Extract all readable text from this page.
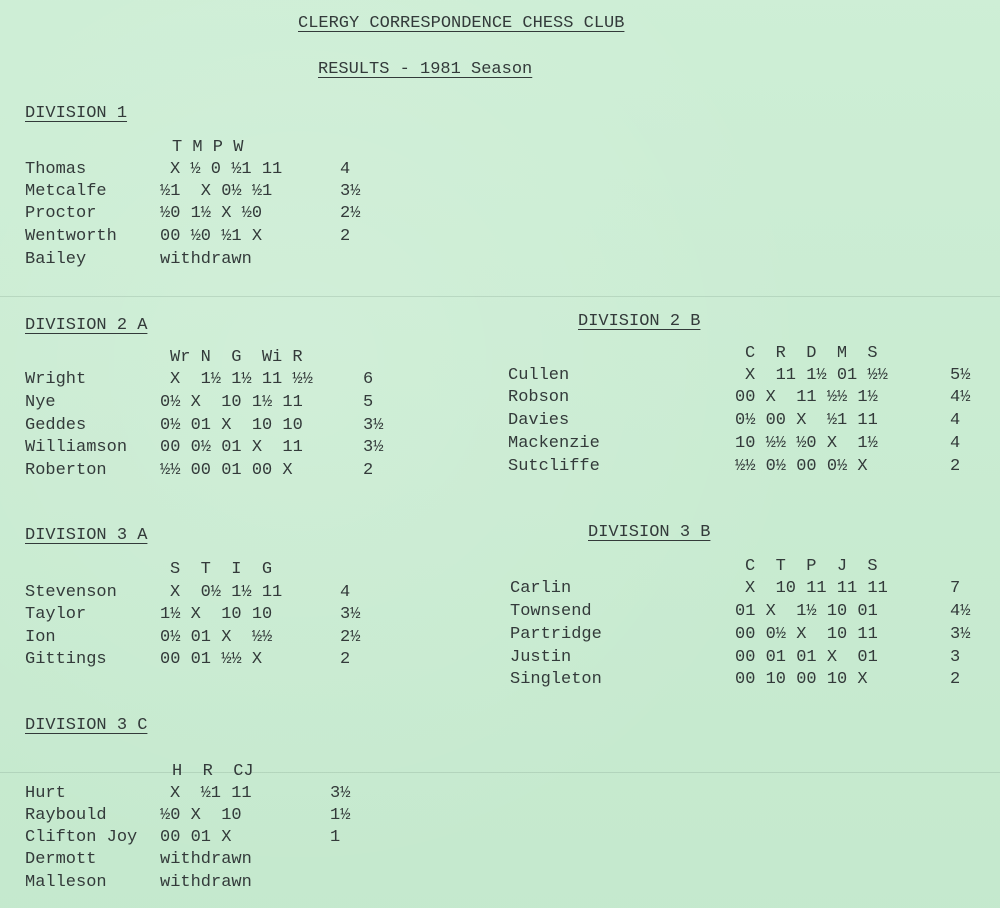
CLERGY CORRESPONDENCE CHESS CLUB
RESULTS - 1981 Season
DIVISION 1
T M P W
Thomas	X ½ 0 ½1 11	4
Metcalfe	½1  X 0½ ½1	3½
Proctor	½0 1½ X ½0	2½
Wentworth	00 ½0 ½1 X	2
Bailey	withdrawn
DIVISION 2 A
Wr N  G  Wi R
Wright	X  1½ 1½ 11 ½½	6
Nye	0½ X  10 1½ 11	5
Geddes	0½ 01 X  10 10	3½
Williamson 00 0½ 01 X  11	3½
Roberton	½½ 00 01 00 X	2
DIVISION 2 B
C  R  D  M  S
Cullen	X  11 1½ 01 ½½	5½
Robson	00 X  11 ½½ 1½	4½
Davies	0½ 00 X  ½1 11	4
Mackenzie	10 ½½ ½0 X  1½	4
Sutcliffe	½½ 0½ 00 0½ X	2
DIVISION 3 A
S  T  I  G
Stevenson	X  0½ 1½ 11	4
Taylor	1½ X  10 10	3½
Ion	0½ 01 X  ½½	2½
Gittings	00 01 ½½ X	2
DIVISION 3 B
C  T  P  J  S
Carlin	X  10 11 11 11	7
Townsend	01 X  1½ 10 01	4½
Partridge	00 0½ X  10 11	3½
Justin	00 01 01 X  01	3
Singleton	00 10 00 10 X	2
DIVISION 3 C
H  R  CJ
Hurt	X  ½1 11	3½
Raybould	½0 X  10	1½
Clifton Joy 00 01 X	1
Dermott	withdrawn
Malleson	withdrawn
